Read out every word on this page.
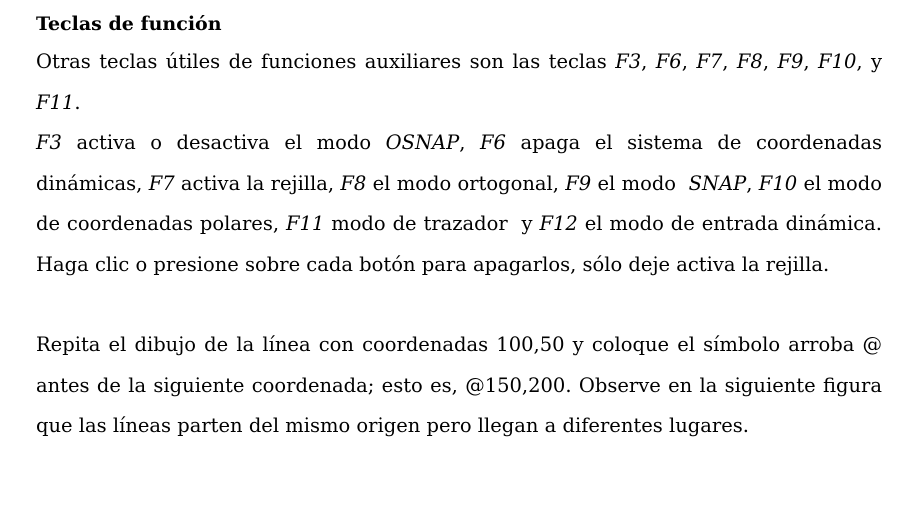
Teclas de función

Otras teclas útiles de funciones auxiliares son las teclas F3, F6, F7, F8, F9, F10, y F11.

F3 activa o desactiva el modo OSNAP, F6 apaga el sistema de coordenadas dinámicas, F7 activa la rejilla, F8 el modo ortogonal, F9 el modo  SNAP, F10 el modo de coordenadas polares, F11 modo de trazador  y F12 el modo de entrada dinámica. Haga clic o presione sobre cada botón para apagarlos, sólo deje activa la rejilla.

Repita el dibujo de la línea con coordenadas 100,50 y coloque el símbolo arroba @ antes de la siguiente coordenada; esto es, @150,200. Observe en la siguiente figura que las líneas parten del mismo origen pero llegan a diferentes lugares.
